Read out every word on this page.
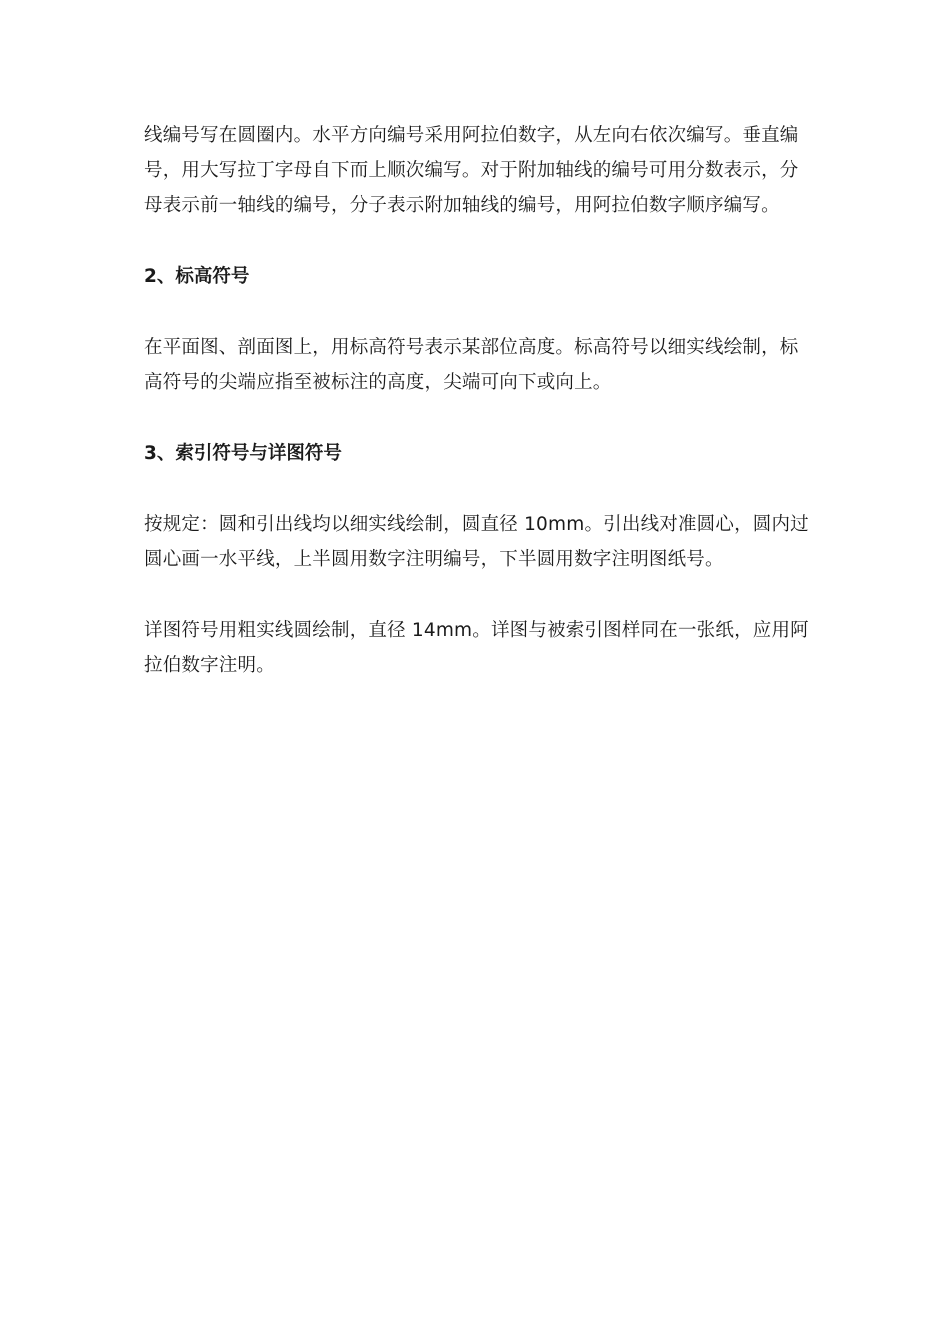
线编号写在圆圈内。水平方向编号采用阿拉伯数字，从左向右依次编写。垂直编号，用大写拉丁字母自下而上顺次编写。对于附加轴线的编号可用分数表示，分母表示前一轴线的编号，分子表示附加轴线的编号，用阿拉伯数字顺序编写。

2、标高符号

在平面图、剖面图上，用标高符号表示某部位高度。标高符号以细实线绘制，标高符号的尖端应指至被标注的高度，尖端可向下或向上。

3、索引符号与详图符号

按规定：圆和引出线均以细实线绘制，圆直径 10mm。引出线对准圆心，圆内过圆心画一水平线，上半圆用数字注明编号，下半圆用数字注明图纸号。

详图符号用粗实线圆绘制，直径 14mm。详图与被索引图样同在一张纸，应用阿拉伯数字注明。
